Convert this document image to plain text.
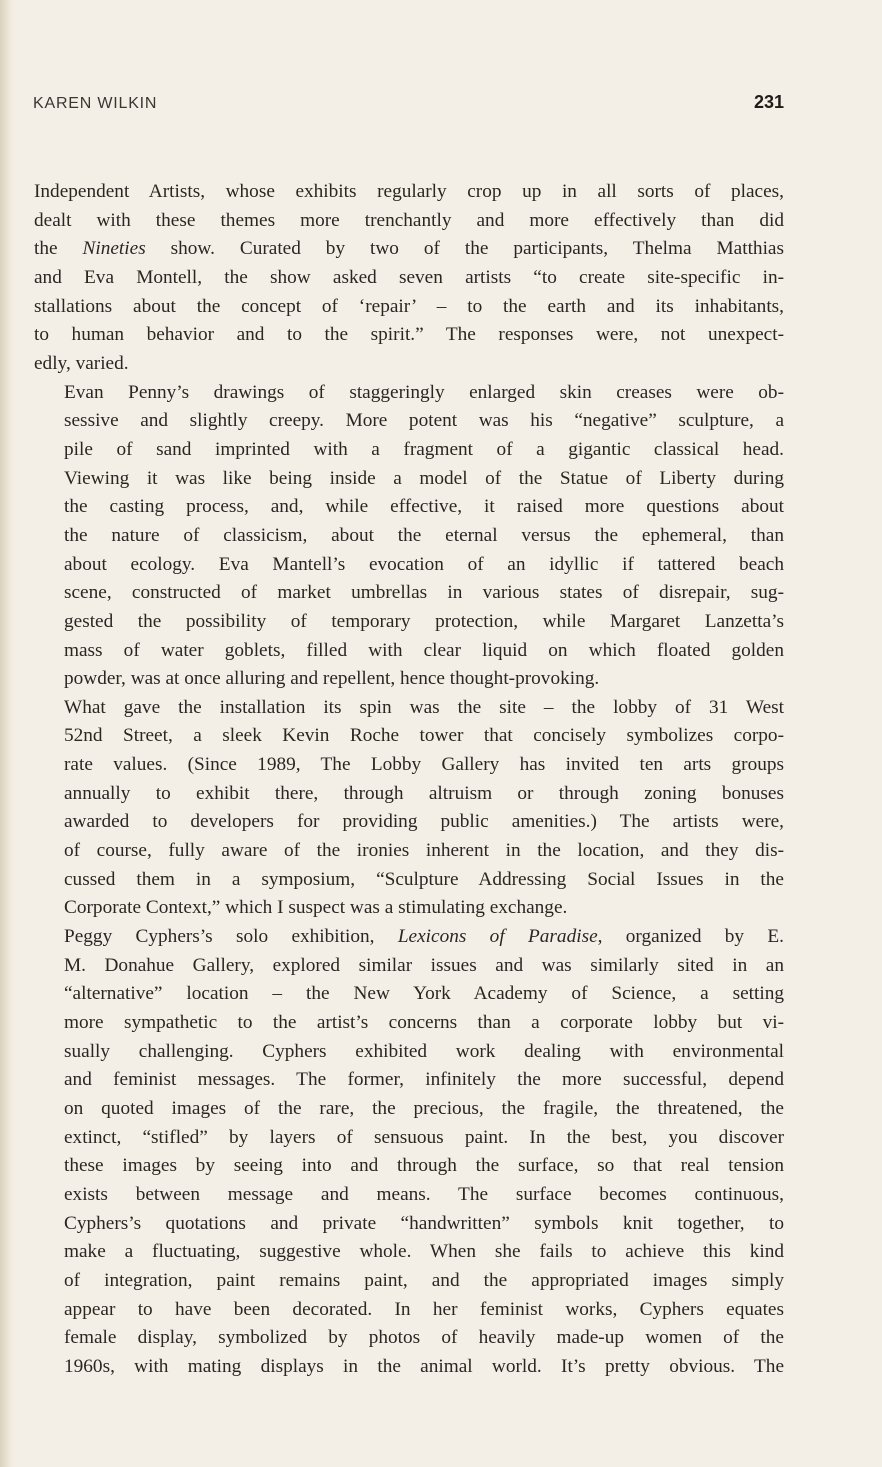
KAREN WILKIN	231

Independent Artists, whose exhibits regularly crop up in all sorts of places,
dealt with these themes more trenchantly and more effectively than did
the Nineties show. Curated by two of the participants, Thelma Matthias
and Eva Montell, the show asked seven artists “to create site-specific in-
stallations about the concept of ‘repair’ – to the earth and its inhabitants,
to human behavior and to the spirit.” The responses were, not unexpect-
edly, varied.

Evan Penny’s drawings of staggeringly enlarged skin creases were ob-
sessive and slightly creepy. More potent was his “negative” sculpture, a
pile of sand imprinted with a fragment of a gigantic classical head.
Viewing it was like being inside a model of the Statue of Liberty during
the casting process, and, while effective, it raised more questions about
the nature of classicism, about the eternal versus the ephemeral, than
about ecology. Eva Mantell’s evocation of an idyllic if tattered beach
scene, constructed of market umbrellas in various states of disrepair, sug-
gested the possibility of temporary protection, while Margaret Lanzetta’s
mass of water goblets, filled with clear liquid on which floated golden
powder, was at once alluring and repellent, hence thought-provoking.

What gave the installation its spin was the site – the lobby of 31 West
52nd Street, a sleek Kevin Roche tower that concisely symbolizes corpo-
rate values. (Since 1989, The Lobby Gallery has invited ten arts groups
annually to exhibit there, through altruism or through zoning bonuses
awarded to developers for providing public amenities.) The artists were,
of course, fully aware of the ironies inherent in the location, and they dis-
cussed them in a symposium, “Sculpture Addressing Social Issues in the
Corporate Context,” which I suspect was a stimulating exchange.

Peggy Cyphers’s solo exhibition, Lexicons of Paradise, organized by E.
M. Donahue Gallery, explored similar issues and was similarly sited in an
“alternative” location – the New York Academy of Science, a setting
more sympathetic to the artist’s concerns than a corporate lobby but vi-
sually challenging. Cyphers exhibited work dealing with environmental
and feminist messages. The former, infinitely the more successful, depend
on quoted images of the rare, the precious, the fragile, the threatened, the
extinct, “stifled” by layers of sensuous paint. In the best, you discover
these images by seeing into and through the surface, so that real tension
exists between message and means. The surface becomes continuous,
Cyphers’s quotations and private “handwritten” symbols knit together, to
make a fluctuating, suggestive whole. When she fails to achieve this kind
of integration, paint remains paint, and the appropriated images simply
appear to have been decorated. In her feminist works, Cyphers equates
female display, symbolized by photos of heavily made-up women of the
1960s, with mating displays in the animal world. It’s pretty obvious. The
